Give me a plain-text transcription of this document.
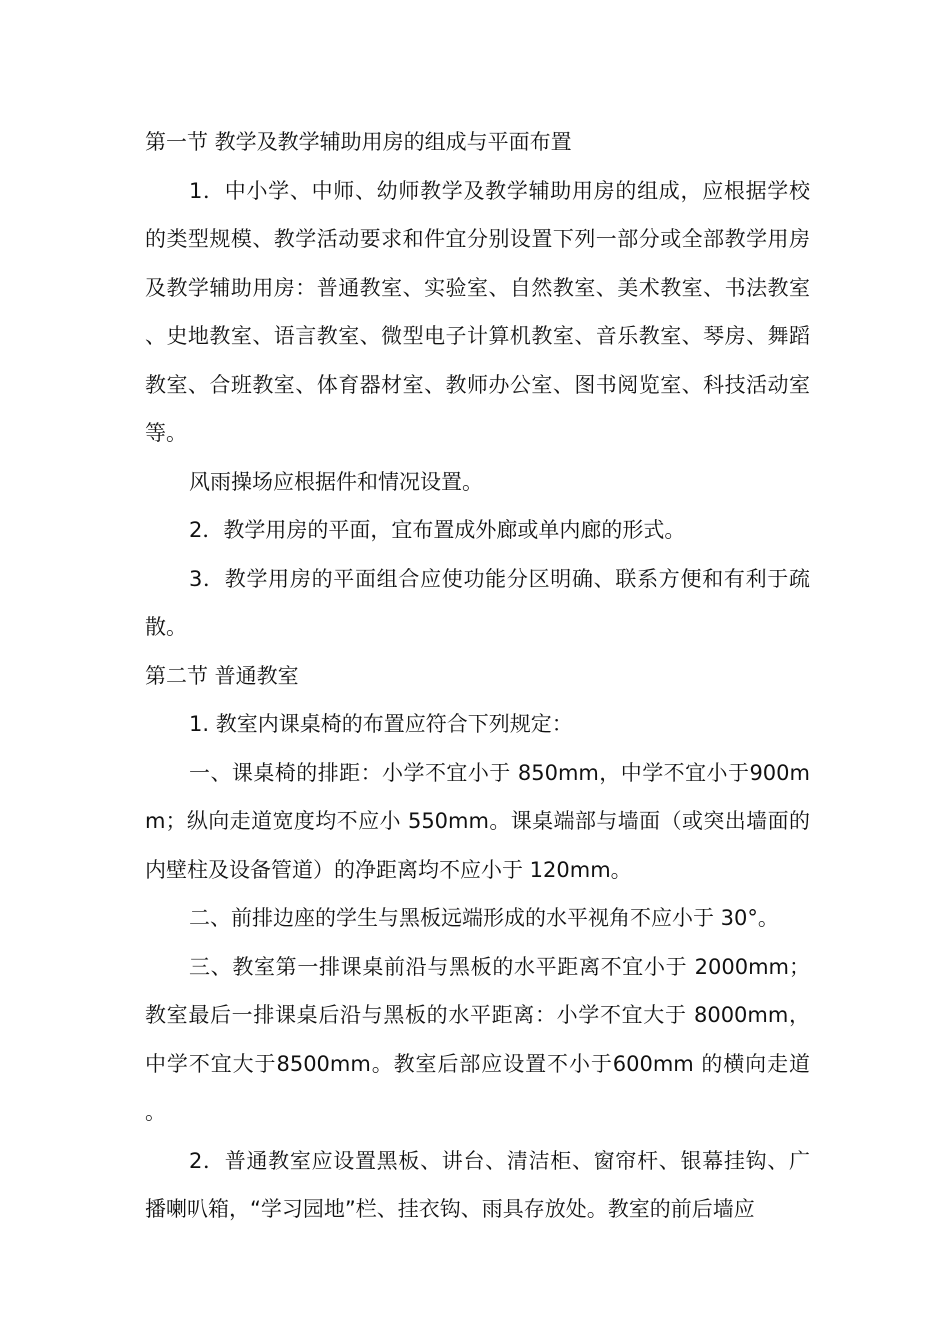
第一节 教学及教学辅助用房的组成与平面布置

1．中小学、中师、幼师教学及教学辅助用房的组成，应根据学校的类型规模、教学活动要求和件宜分别设置下列一部分或全部教学用房及教学辅助用房：普通教室、实验室、自然教室、美术教室、书法教室、史地教室、语言教室、微型电子计算机教室、音乐教室、琴房、舞蹈教室、合班教室、体育器材室、教师办公室、图书阅览室、科技活动室等。

风雨操场应根据件和情况设置。

2．教学用房的平面，宜布置成外廊或单内廊的形式。

3．教学用房的平面组合应使功能分区明确、联系方便和有利于疏散。

第二节 普通教室

1. 教室内课桌椅的布置应符合下列规定：

一、课桌椅的排距：小学不宜小于 850mm，中学不宜小于900mm；纵向走道宽度均不应小 550mm。课桌端部与墙面（或突出墙面的内壁柱及设备管道）的净距离均不应小于 120mm。

二、前排边座的学生与黑板远端形成的水平视角不应小于 30°。

三、教室第一排课桌前沿与黑板的水平距离不宜小于 2000mm；教室最后一排课桌后沿与黑板的水平距离：小学不宜大于 8000mm，中学不宜大于8500mm。教室后部应设置不小于600mm 的横向走道。

2．普通教室应设置黑板、讲台、清洁柜、窗帘杆、银幕挂钩、广播喇叭箱，“学习园地”栏、挂衣钩、雨具存放处。教室的前后墙应
